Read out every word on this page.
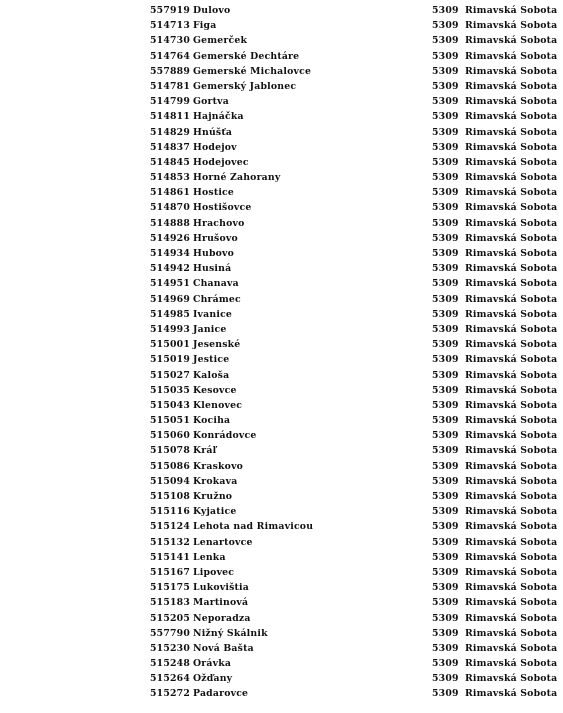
557919 Dulovo	5309 Rimavská Sobota
514713 Figa	5309 Rimavská Sobota
514730 Gemerček	5309 Rimavská Sobota
514764 Gemerské Dechtáre	5309 Rimavská Sobota
557889 Gemerské Michalovce	5309 Rimavská Sobota
514781 Gemerský Jablonec	5309 Rimavská Sobota
514799 Gortva	5309 Rimavská Sobota
514811 Hajnáčka	5309 Rimavská Sobota
514829 Hnúšťa	5309 Rimavská Sobota
514837 Hodejov	5309 Rimavská Sobota
514845 Hodejovec	5309 Rimavská Sobota
514853 Horné Zahorany	5309 Rimavská Sobota
514861 Hostice	5309 Rimavská Sobota
514870 Hostišovce	5309 Rimavská Sobota
514888 Hrachovo	5309 Rimavská Sobota
514926 Hrušovo	5309 Rimavská Sobota
514934 Hubovo	5309 Rimavská Sobota
514942 Husiná	5309 Rimavská Sobota
514951 Chanava	5309 Rimavská Sobota
514969 Chrámec	5309 Rimavská Sobota
514985 Ivanice	5309 Rimavská Sobota
514993 Janice	5309 Rimavská Sobota
515001 Jesenské	5309 Rimavská Sobota
515019 Jestice	5309 Rimavská Sobota
515027 Kaloša	5309 Rimavská Sobota
515035 Kesovce	5309 Rimavská Sobota
515043 Klenovec	5309 Rimavská Sobota
515051 Kociha	5309 Rimavská Sobota
515060 Konrádovce	5309 Rimavská Sobota
515078 Kráľ	5309 Rimavská Sobota
515086 Kraskovo	5309 Rimavská Sobota
515094 Krokava	5309 Rimavská Sobota
515108 Kružno	5309 Rimavská Sobota
515116 Kyjatice	5309 Rimavská Sobota
515124 Lehota nad Rimavicou	5309 Rimavská Sobota
515132 Lenartovce	5309 Rimavská Sobota
515141 Lenka	5309 Rimavská Sobota
515167 Lipovec	5309 Rimavská Sobota
515175 Lukovištia	5309 Rimavská Sobota
515183 Martinová	5309 Rimavská Sobota
515205 Neporadza	5309 Rimavská Sobota
557790 Nižný Skálnik	5309 Rimavská Sobota
515230 Nová Bašta	5309 Rimavská Sobota
515248 Orávka	5309 Rimavská Sobota
515264 Ožďany	5309 Rimavská Sobota
515272 Padarovce	5309 Rimavská Sobota
